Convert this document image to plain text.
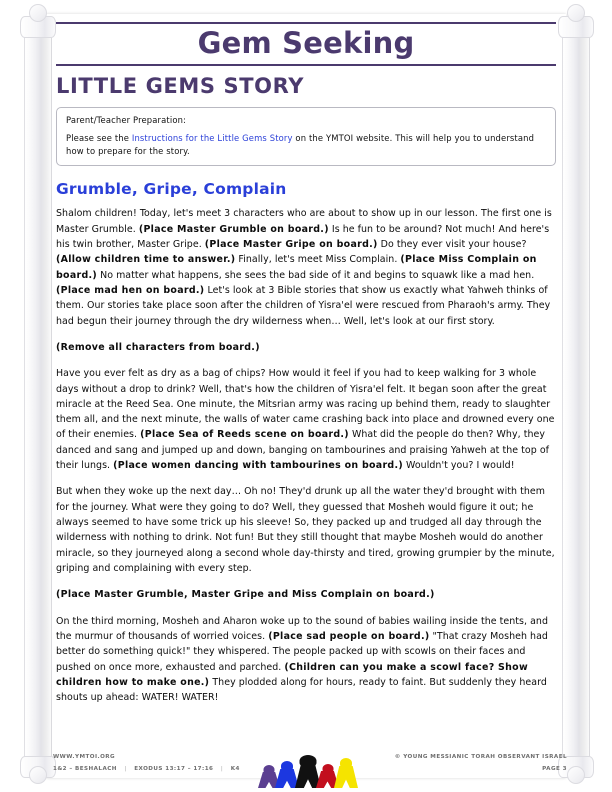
Gem Seeking
LITTLE GEMS STORY

Parent/Teacher Preparation:

Please see the Instructions for the Little Gems Story on the YMTOI website. This will help you to understand how to prepare for the story.

Grumble, Gripe, Complain

Shalom children! Today, let's meet 3 characters who are about to show up in our lesson. The first one is Master Grumble. (Place Master Grumble on board.) Is he fun to be around? Not much! And here's his twin brother, Master Gripe. (Place Master Gripe on board.) Do they ever visit your house? (Allow children time to answer.) Finally, let's meet Miss Complain. (Place Miss Complain on board.) No matter what happens, she sees the bad side of it and begins to squawk like a mad hen. (Place mad hen on board.) Let's look at 3 Bible stories that show us exactly what Yahweh thinks of them. Our stories take place soon after the children of Yisra'el were rescued from Pharaoh's army. They had begun their journey through the dry wilderness when… Well, let's look at our first story.

(Remove all characters from board.)

Have you ever felt as dry as a bag of chips? How would it feel if you had to keep walking for 3 whole days without a drop to drink? Well, that's how the children of Yisra'el felt. It began soon after the great miracle at the Reed Sea. One minute, the Mitsrian army was racing up behind them, ready to slaughter them all, and the next minute, the walls of water came crashing back into place and drowned every one of their enemies. (Place Sea of Reeds scene on board.) What did the people do then? Why, they danced and sang and jumped up and down, banging on tambourines and praising Yahweh at the top of their lungs. (Place women dancing with tambourines on board.) Wouldn't you? I would!

But when they woke up the next day… Oh no! They'd drunk up all the water they'd brought with them for the journey. What were they going to do? Well, they guessed that Mosheh would figure it out; he always seemed to have some trick up his sleeve! So, they packed up and trudged all day through the wilderness with nothing to drink. Not fun! But they still thought that maybe Mosheh would do another miracle, so they journeyed along a second whole day-thirsty and tired, growing grumpier by the minute, griping and complaining with every step.

(Place Master Grumble, Master Gripe and Miss Complain on board.)

On the third morning, Mosheh and Aharon woke up to the sound of babies wailing inside the tents, and the murmur of thousands of worried voices. (Place sad people on board.) "That crazy Mosheh had better do something quick!" they whispered. The people packed up with scowls on their faces and pushed on once more, exhausted and parched. (Children can you make a scowl face? Show children how to make one.) They plodded along for hours, ready to faint. But suddenly they heard shouts up ahead: WATER! WATER!

WWW.YMTOI.ORG
1&2 – BESHALACH | EXODUS 13:17 – 17:16 | K4
© YOUNG MESSIANIC TORAH OBSERVANT ISRAEL
PAGE 3
